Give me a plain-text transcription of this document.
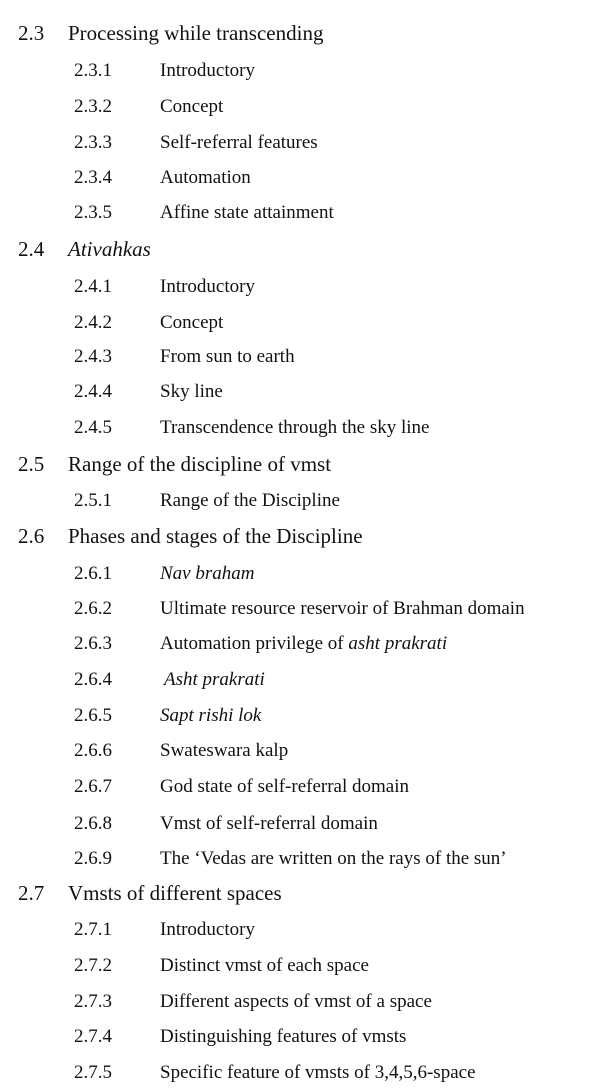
2.3 Processing while transcending
2.3.1	Introductory
2.3.2	Concept
2.3.3	Self-referral features
2.3.4	Automation
2.3.5	Affine state attainment
2.4 Ativahkas
2.4.1	Introductory
2.4.2	Concept
2.4.3	From sun to earth
2.4.4	Sky line
2.4.5	Transcendence through the sky line
2.5 Range of the discipline of vmst
2.5.1	Range of the Discipline
2.6 Phases and stages of the Discipline
2.6.1	Nav braham
2.6.2	Ultimate resource reservoir of Brahman domain
2.6.3	Automation privilege of asht prakrati
2.6.4	Asht prakrati
2.6.5	Sapt rishi lok
2.6.6	Swateswara kalp
2.6.7	God state of self-referral domain
2.6.8	Vmst of self-referral domain
2.6.9	The ‘Vedas are written on the rays of the sun’
2.7 Vmsts of different spaces
2.7.1	Introductory
2.7.2	Distinct vmst of each space
2.7.3	Different aspects of vmst of a space
2.7.4	Distinguishing features of vmsts
2.7.5	Specific feature of vmsts of 3,4,5,6-space
